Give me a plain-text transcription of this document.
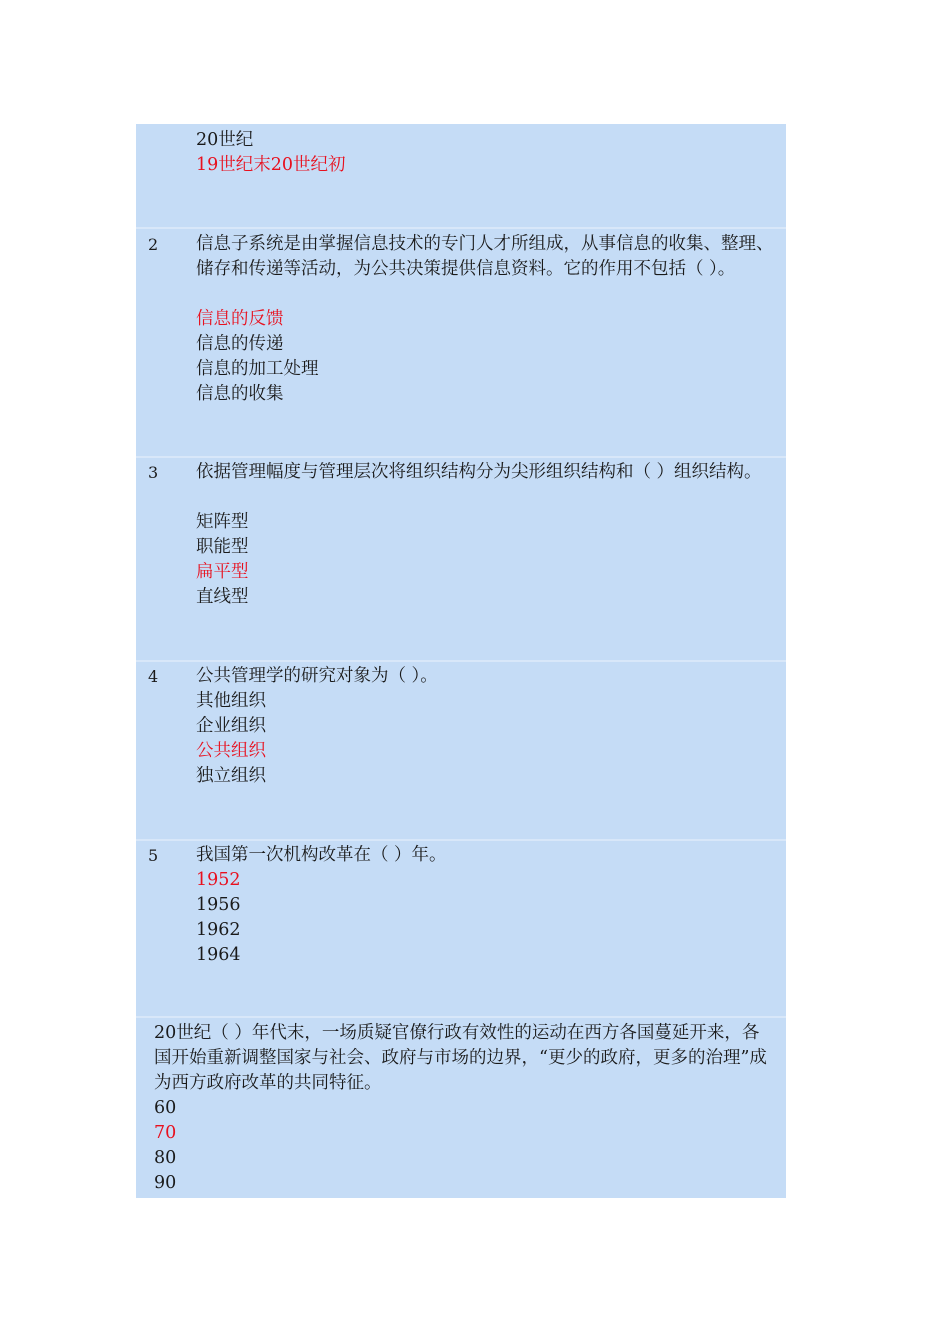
20世纪
19世纪末20世纪初
2 信息子系统是由掌握信息技术的专门人才所组成，从事信息的收集、整理、储存和传递等活动，为公共决策提供信息资料。它的作用不包括（ ）。
信息的反馈
信息的传递
信息的加工处理
信息的收集
3 依据管理幅度与管理层次将组织结构分为尖形组织结构和（ ）组织结构。
矩阵型
职能型
扁平型
直线型
4 公共管理学的研究对象为（ ）。
其他组织
企业组织
公共组织
独立组织
5 我国第一次机构改革在（ ）年。
1952
1956
1962
1964
20世纪（ ）年代末，一场质疑官僚行政有效性的运动在西方各国蔓延开来，各国开始重新调整国家与社会、政府与市场的边界，“更少的政府，更多的治理”成为西方政府改革的共同特征。
60
70
80
90
